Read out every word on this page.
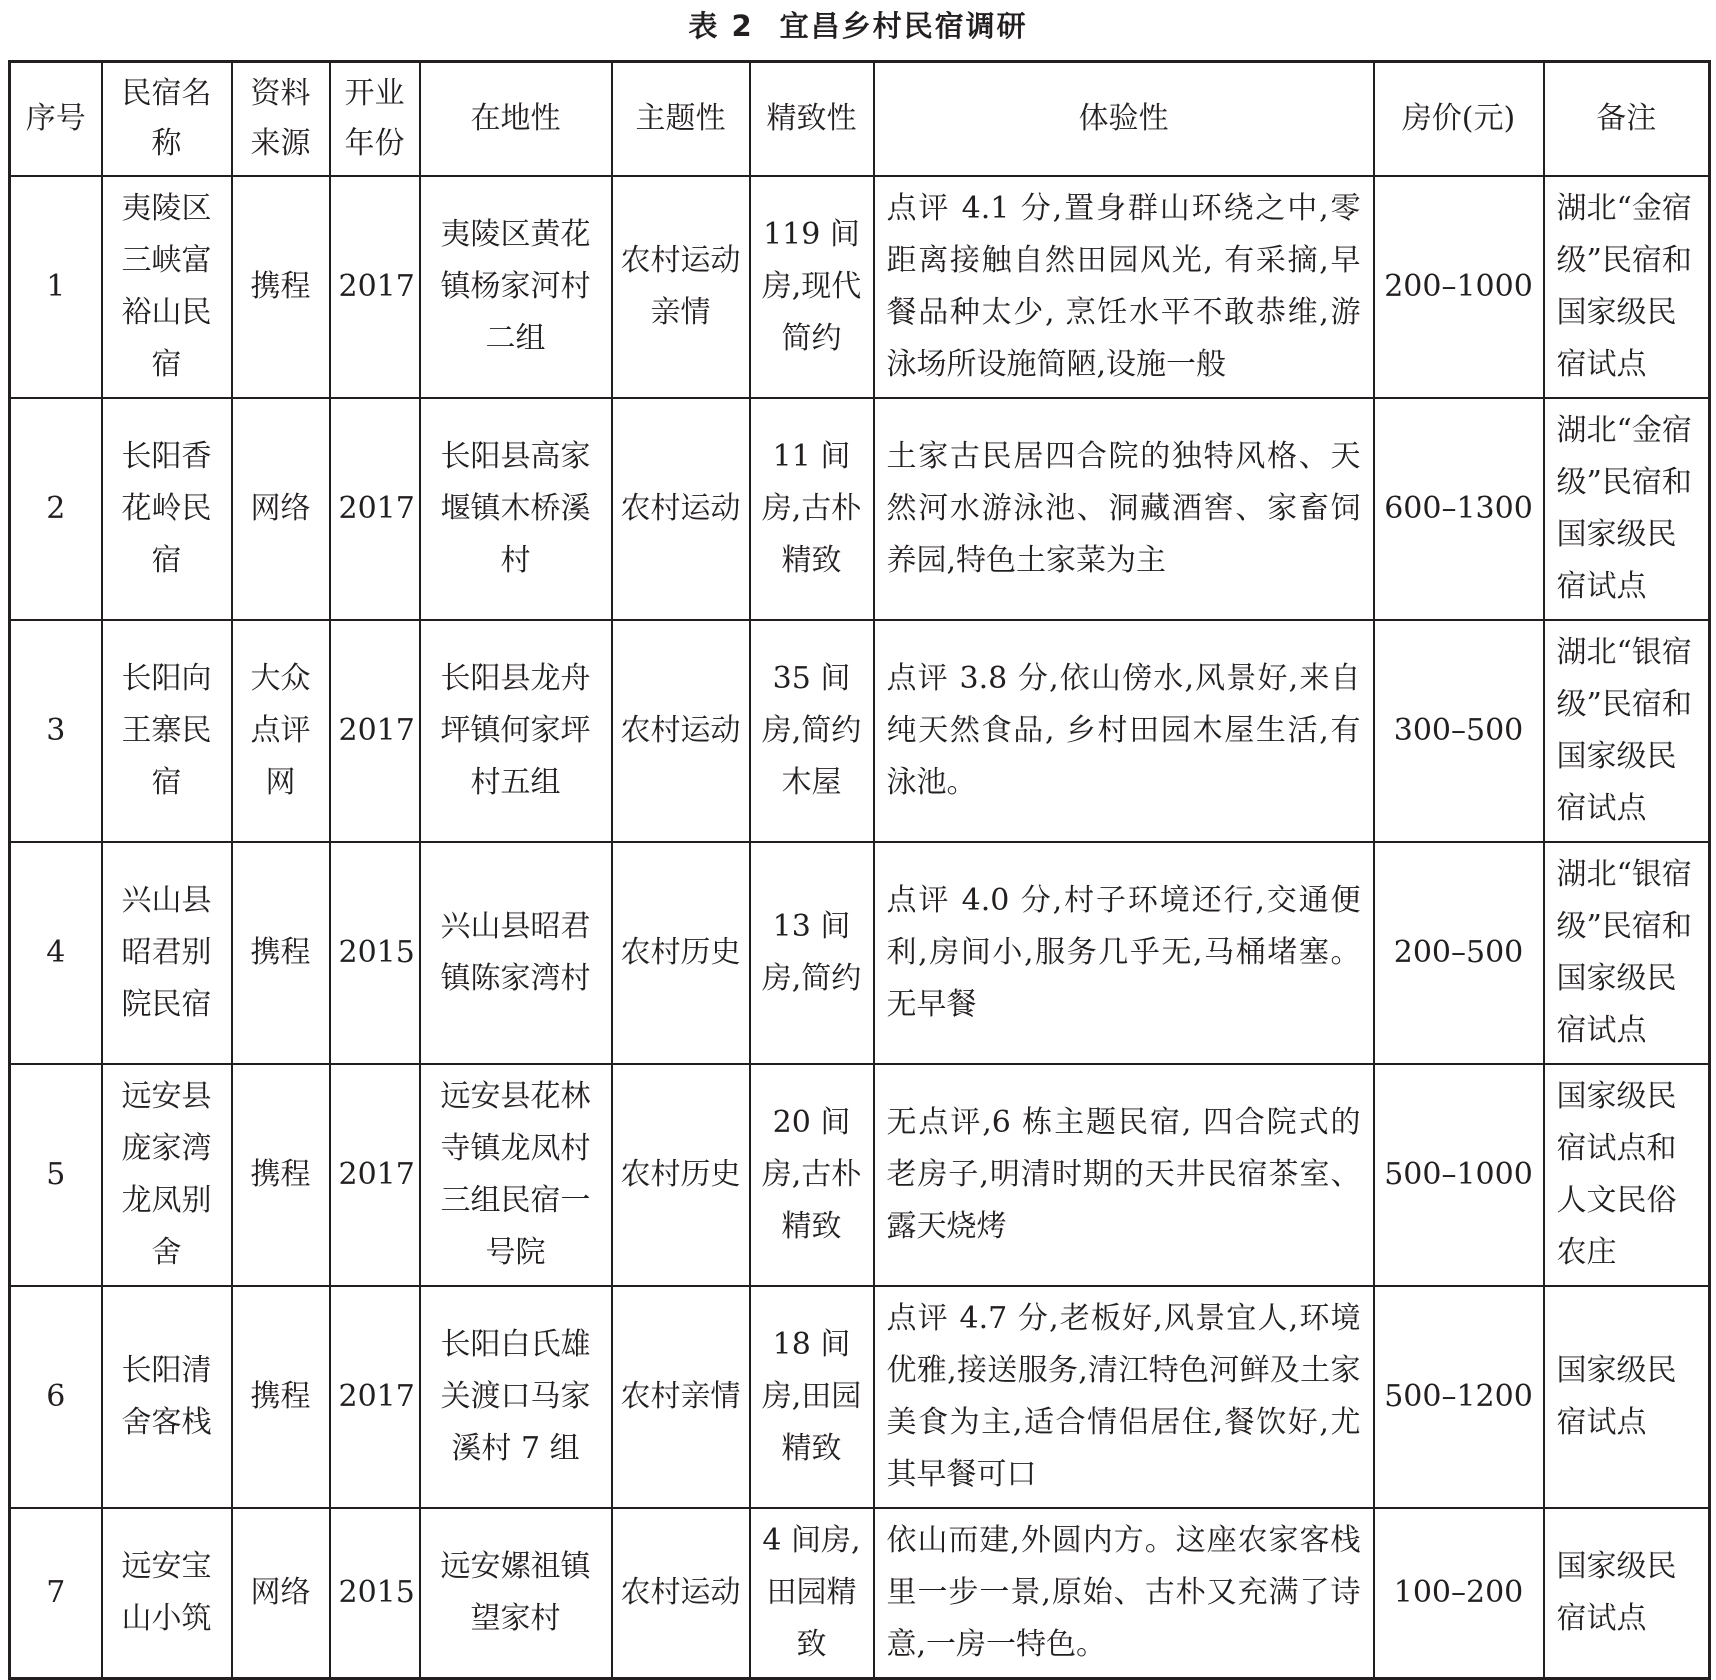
表 2 宜昌乡村民宿调研
序号	民宿名称	资料来源	开业年份	在地性	主题性	精致性	体验性	房价(元)	备注
1	夷陵区三峡富裕山民宿	携程	2017	夷陵区黄花镇杨家河村二组	农村运动亲情	119 间房,现代简约	点评 4.1 分,置身群山环绕之中,零距离接触自然田园风光, 有采摘,早餐品种太少, 烹饪水平不敢恭维,游泳场所设施简陋,设施一般	200–1000	湖北“金宿级”民宿和国家级民宿试点
2	长阳香花岭民宿	网络	2017	长阳县高家堰镇木桥溪村	农村运动	11 间房,古朴精致	土家古民居四合院的独特风格、天然河水游泳池、洞藏酒窖、家畜饲养园,特色土家菜为主	600–1300	湖北“金宿级”民宿和国家级民宿试点
3	长阳向王寨民宿	大众点评网	2017	长阳县龙舟坪镇何家坪村五组	农村运动	35 间房,简约木屋	点评 3.8 分,依山傍水,风景好,来自纯天然食品, 乡村田园木屋生活,有泳池。	300–500	湖北“银宿级”民宿和国家级民宿试点
4	兴山县昭君别院民宿	携程	2015	兴山县昭君镇陈家湾村	农村历史	13 间房,简约	点评 4.0 分,村子环境还行,交通便利,房间小,服务几乎无,马桶堵塞。无早餐	200–500	湖北“银宿级”民宿和国家级民宿试点
5	远安县庞家湾龙凤别舍	携程	2017	远安县花林寺镇龙凤村三组民宿一号院	农村历史	20 间房,古朴精致	无点评,6 栋主题民宿, 四合院式的老房子,明清时期的天井民宿茶室、露天烧烤	500–1000	国家级民宿试点和人文民俗农庄
6	长阳清舍客栈	携程	2017	长阳白氏雄关渡口马家溪村 7 组	农村亲情	18 间房,田园精致	点评 4.7 分,老板好,风景宜人,环境优雅,接送服务,清江特色河鲜及土家美食为主,适合情侣居住,餐饮好,尤其早餐可口	500–1200	国家级民宿试点
7	远安宝山小筑	网络	2015	远安嫘祖镇望家村	农村运动	4 间房,田园精致	依山而建,外圆内方。这座农家客栈里一步一景,原始、古朴又充满了诗意,一房一特色。	100–200	国家级民宿试点
